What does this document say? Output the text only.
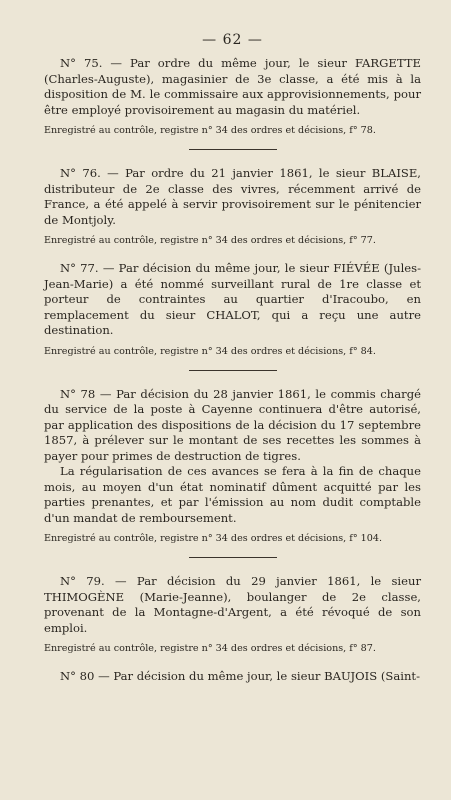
— 62 —

N° 75. — Par ordre du même jour, le sieur FARGETTE (Charles-Auguste), magasinier de 3e classe, a été mis à la disposition de M. le commissaire aux approvisionnements, pour être employé provisoirement au magasin du matériel.

Enregistré au contrôle, registre n° 34 des ordres et décisions, f° 78.

N° 76. — Par ordre du 21 janvier 1861, le sieur BLAISE, distributeur de 2e classe des vivres, récemment arrivé de France, a été appelé à servir provisoirement sur le pénitencier de Montjoly.

Enregistré au contrôle, registre n° 34 des ordres et décisions, f° 77.

N° 77. — Par décision du même jour, le sieur FIÉVÉE (Jules-Jean-Marie) a été nommé surveillant rural de 1re classe et porteur de contraintes au quartier d'Iracoubo, en remplacement du sieur CHALOT, qui a reçu une autre destination.

Enregistré au contrôle, registre n° 34 des ordres et décisions, f° 84.

N° 78 — Par décision du 28 janvier 1861, le commis chargé du service de la poste à Cayenne continuera d'être autorisé, par application des dispositions de la décision du 17 septembre 1857, à prélever sur le montant de ses recettes les sommes à payer pour primes de destruction de tigres.

La régularisation de ces avances se fera à la fin de chaque mois, au moyen d'un état nominatif dûment acquitté par les parties prenantes, et par l'émission au nom dudit comptable d'un mandat de remboursement.

Enregistré au contrôle, registre n° 34 des ordres et décisions, f° 104.

N° 79. — Par décision du 29 janvier 1861, le sieur THIMOGÈNE (Marie-Jeanne), boulanger de 2e classe, provenant de la Montagne-d'Argent, a été révoqué de son emploi.

Enregistré au contrôle, registre n° 34 des ordres et décisions, f° 87.

N° 80 — Par décision du même jour, le sieur BAUJOIS (Saint-
